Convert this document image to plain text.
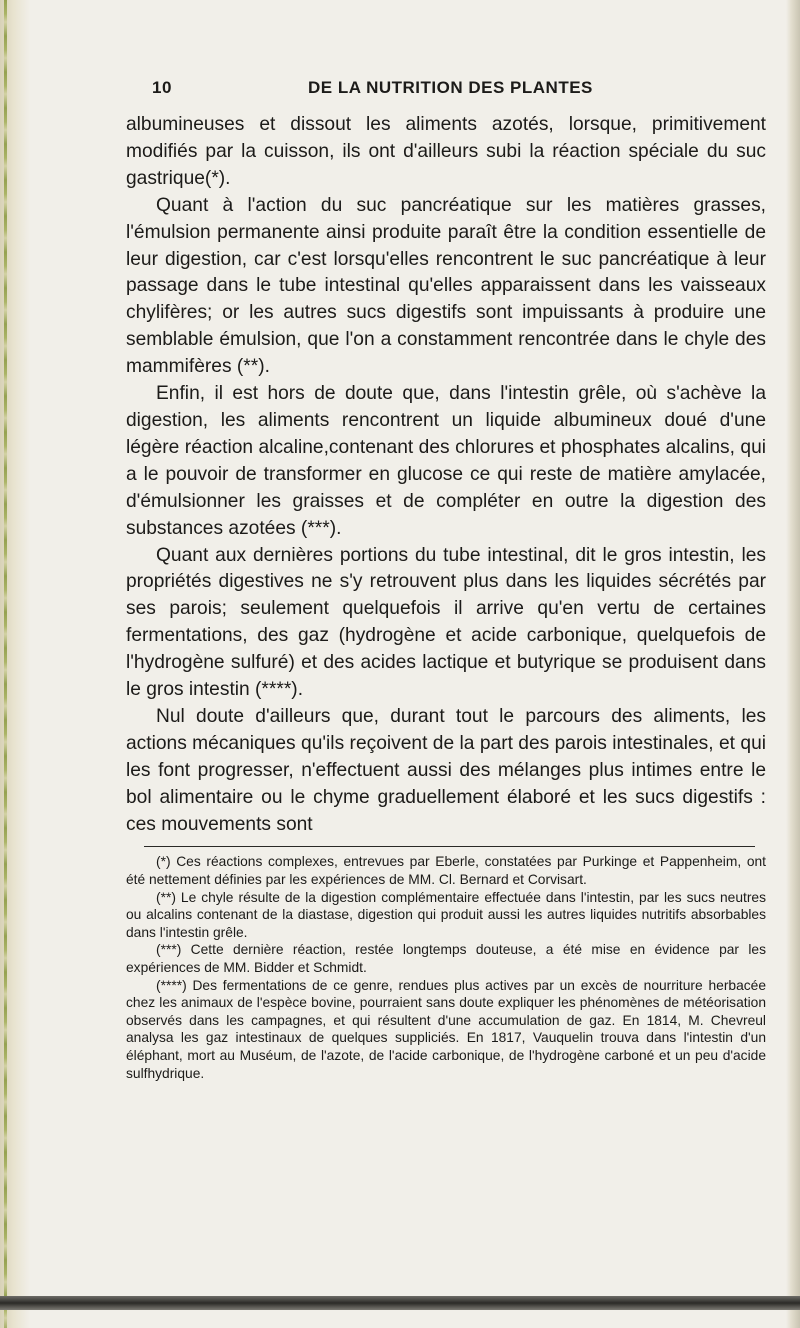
10	DE LA NUTRITION DES PLANTES

albumineuses et dissout les aliments azotés, lorsque, primitivement modifiés par la cuisson, ils ont d'ailleurs subi la réaction spéciale du suc gastrique(*).

Quant à l'action du suc pancréatique sur les matières grasses, l'émulsion permanente ainsi produite paraît être la condition essentielle de leur digestion, car c'est lorsqu'elles rencontrent le suc pancréatique à leur passage dans le tube intestinal qu'elles apparaissent dans les vaisseaux chylifères; or les autres sucs digestifs sont impuissants à produire une semblable émulsion, que l'on a constamment rencontrée dans le chyle des mammifères (**).

Enfin, il est hors de doute que, dans l'intestin grêle, où s'achève la digestion, les aliments rencontrent un liquide albumineux doué d'une légère réaction alcaline,contenant des chlorures et phosphates alcalins, qui a le pouvoir de transformer en glucose ce qui reste de matière amylacée, d'émulsionner les graisses et de compléter en outre la digestion des substances azotées (***).

Quant aux dernières portions du tube intestinal, dit le gros intestin, les propriétés digestives ne s'y retrouvent plus dans les liquides sécrétés par ses parois; seulement quelquefois il arrive qu'en vertu de certaines fermentations, des gaz (hydrogène et acide carbonique, quelquefois de l'hydrogène sulfuré) et des acides lactique et butyrique se produisent dans le gros intestin (****).

Nul doute d'ailleurs que, durant tout le parcours des aliments, les actions mécaniques qu'ils reçoivent de la part des parois intestinales, et qui les font progresser, n'effectuent aussi des mélanges plus intimes entre le bol alimentaire ou le chyme graduellement élaboré et les sucs digestifs : ces mouvements sont

(*) Ces réactions complexes, entrevues par Eberle, constatées par Purkinge et Pappenheim, ont été nettement définies par les expériences de MM. Cl. Bernard et Corvisart.

(**) Le chyle résulte de la digestion complémentaire effectuée dans l'intestin, par les sucs neutres ou alcalins contenant de la diastase, digestion qui produit aussi les autres liquides nutritifs absorbables dans l'intestin grêle.

(***) Cette dernière réaction, restée longtemps douteuse, a été mise en évidence par les expériences de MM. Bidder et Schmidt.

(****) Des fermentations de ce genre, rendues plus actives par un excès de nourriture herbacée chez les animaux de l'espèce bovine, pourraient sans doute expliquer les phénomènes de météorisation observés dans les campagnes, et qui résultent d'une accumulation de gaz. En 1814, M. Chevreul analysa les gaz intestinaux de quelques suppliciés. En 1817, Vauquelin trouva dans l'intestin d'un éléphant, mort au Muséum, de l'azote, de l'acide carbonique, de l'hydrogène carboné et un peu d'acide sulfhydrique.
